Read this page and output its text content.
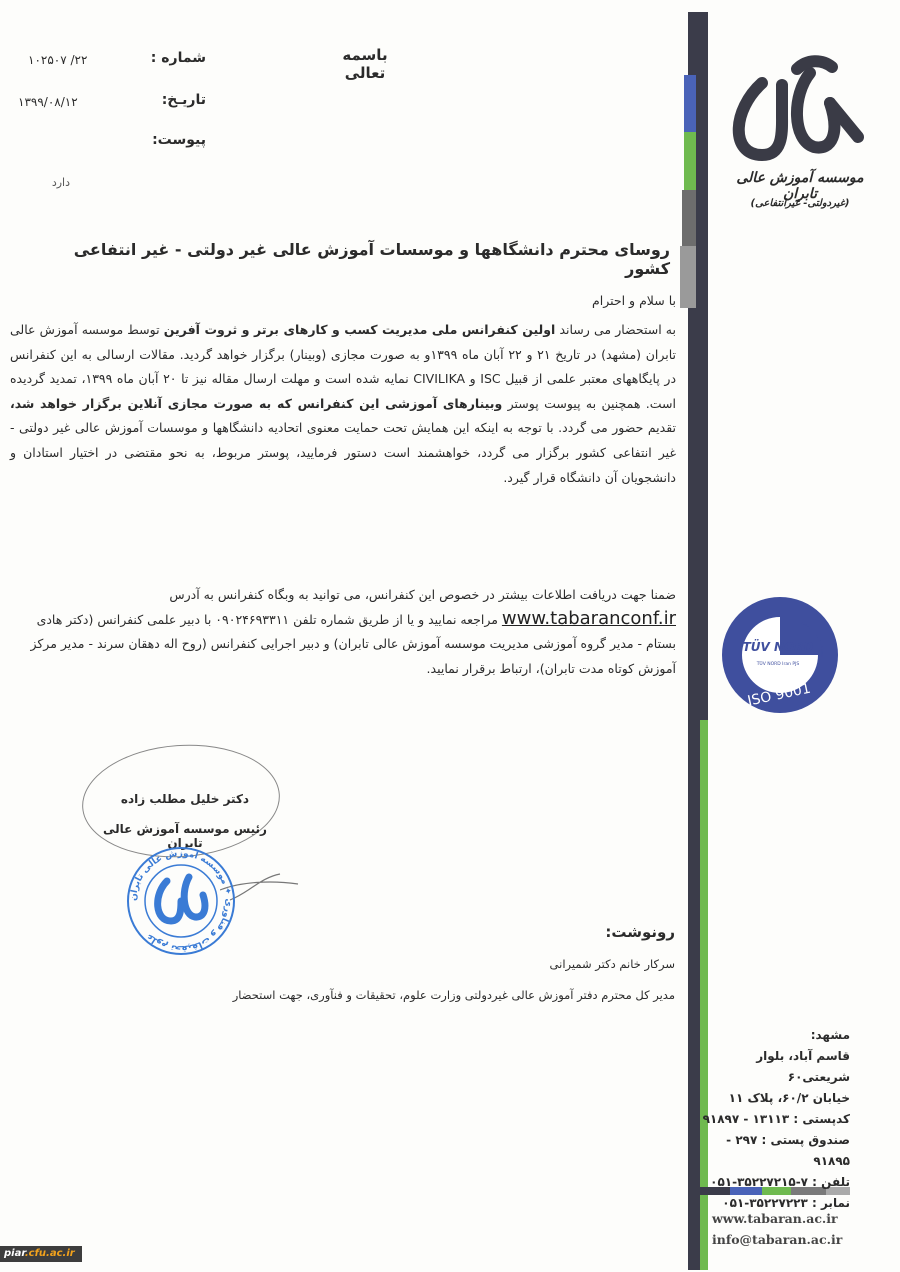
موسسه آموزش عالی تابران
(غیردولتی- غیرانتفاعی)
باسمه تعالی
شماره :
۲۲/ ۱۰۲۵۰۷
تاریـخ:
۱۳۹۹/۰۸/۱۲
پیوست:
دارد
روسای محترم دانشگاهها و موسسات آموزش عالی غیر دولتی - غیر انتفاعی کشور
با سلام و احترام
به استحضار می رساند اولین کنفرانس ملی مدیریت کسب و کارهای برتر و ثروت آفرین توسط موسسه آموزش عالی تابران (مشهد) در تاریخ ۲۱ و ۲۲ آبان ماه ۱۳۹۹و به صورت مجازی (وبینار) برگزار خواهد گردید. مقالات ارسالی به این کنفرانس در پایگاههای معتبر علمی از قبیل ISC و CIVILIKA نمایه شده است و مهلت ارسال مقاله نیز تا ۲۰ آبان ماه ۱۳۹۹، تمدید گردیده است. همچنین به پیوست پوستر وبینارهای آموزشی این کنفرانس که به صورت مجازی آنلاین برگزار خواهد شد، تقدیم حضور می گردد. با توجه به اینکه این همایش تحت حمایت معنوی اتحادیه دانشگاهها و موسسات آموزش عالی غیر دولتی - غیر انتفاعی کشور برگزار می گردد، خواهشمند است دستور فرمایید، پوستر مربوط، به نحو مقتضی در اختیار استادان و دانشجویان آن دانشگاه قرار گیرد.
ضمنا جهت دریافت اطلاعات بیشتر در خصوص این کنفرانس، می توانید به وبگاه کنفرانس به آدرس www.tabaranconf.ir مراجعه نمایید و یا از طریق شماره تلفن ۰۹۰۲۴۶۹۳۳۱۱ با دبیر علمی کنفرانس (دکتر هادی بستام - مدیر گروه آموزشی مدیریت موسسه آموزش عالی تابران) و دبیر اجرایی کنفرانس (روح اله دهقان سرند - مدیر مرکز آموزش کوتاه مدت تابران)، ارتباط برقرار نمایید.
دکتر خلیل مطلب زاده
رئیس موسسه آموزش عالی تابران
علوم تحقیقات و فناوری ✦ موسسه آموزش عالی تابران	رونوشت:
سرکار خانم دکتر شمیرانی
مدیر کل محترم دفتر آموزش عالی غیردولتی وزارت علوم، تحقیقات و فنآوری، جهت استحضار
TÜV NORD
TÜV NORD Iran PJS
ISO 9001
مشهد:
قاسم آباد، بلوار شریعتی۶۰
خیابان ۶۰/۲، پلاک ۱۱
کدپستی : ۱۳۱۱۳ - ۹۱۸۹۷
صندوق پستی : ۲۹۷ - ۹۱۸۹۵
تلفن : ۷-۳۵۲۲۷۲۱۵-۰۵۱
نمابر : ۳۵۲۲۷۲۲۳-۰۵۱
www.tabaran.ac.ir
info@tabaran.ac.ir
piar.cfu.ac.ir
